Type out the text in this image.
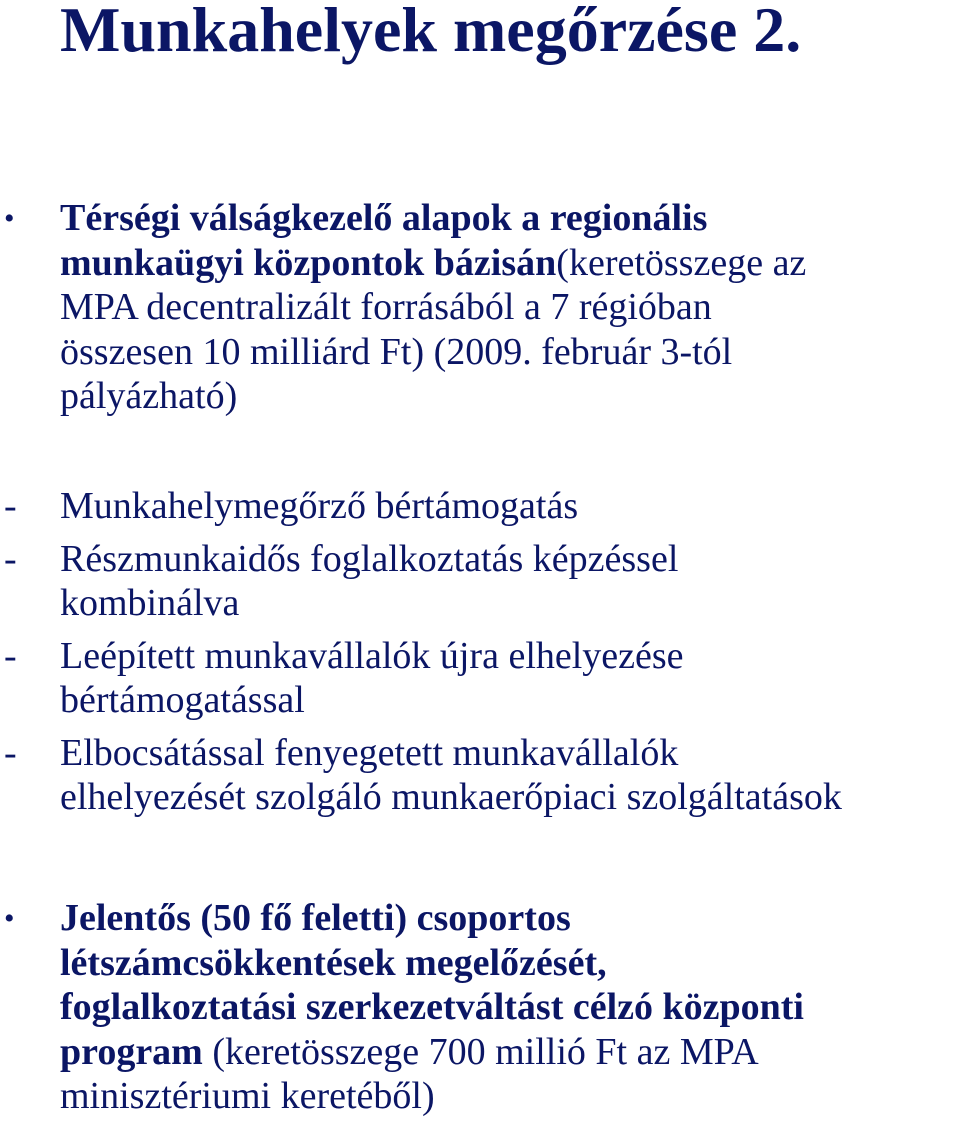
Munkahelyek megőrzése 2.
• Térségi válságkezelő alapok a regionális
munkaügyi központok bázisán(keretösszege az
MPA decentralizált forrásából a 7 régióban
összesen 10 milliárd Ft) (2009. február 3-tól
pályázható)
- Munkahelymegőrző bértámogatás
- Részmunkaidős foglalkoztatás képzéssel
kombinálva
- Leépített munkavállalók újra elhelyezése
bértámogatással
- Elbocsátással fenyegetett munkavállalók
elhelyezését szolgáló munkaerőpiaci szolgáltatások
• Jelentős (50 fő feletti) csoportos
létszámcsökkentések megelőzését,
foglalkoztatási szerkezetváltást célzó központi
program (keretösszege 700 millió Ft az MPA
minisztériumi keretéből)
